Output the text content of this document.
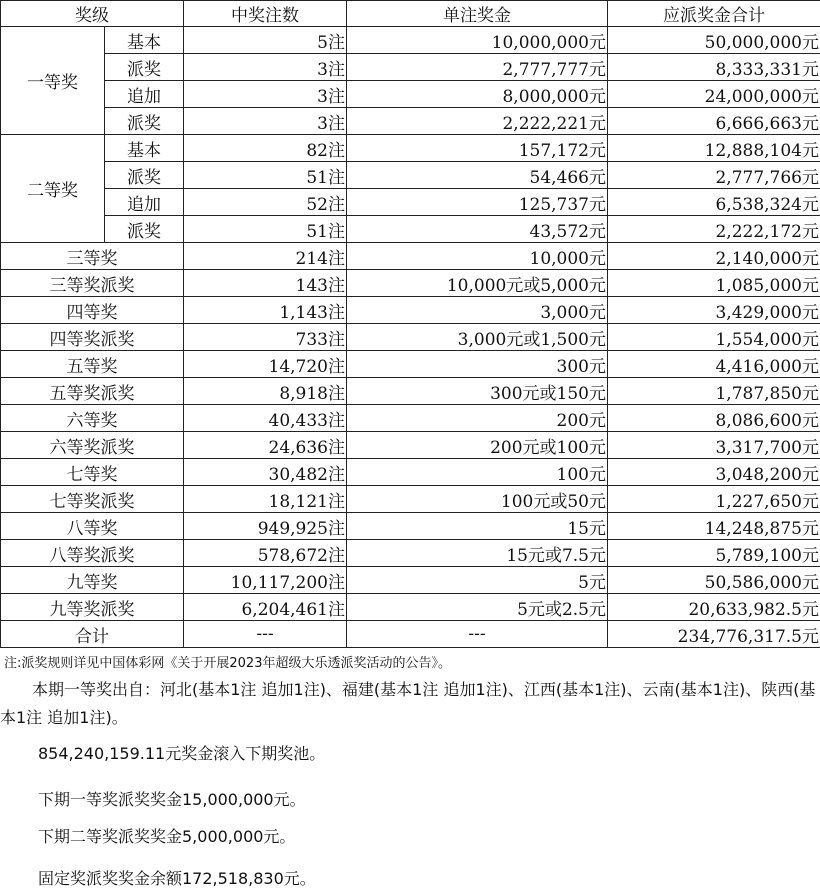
奖级		中奖注数	单注奖金	应派奖金合计
一等奖	基本	5注	10,000,000元	50,000,000元
	派奖	3注	2,777,777元	8,333,331元
	追加	3注	8,000,000元	24,000,000元
	派奖	3注	2,222,221元	6,666,663元
二等奖	基本	82注	157,172元	12,888,104元
	派奖	51注	54,466元	2,777,766元
	追加	52注	125,737元	6,538,324元
	派奖	51注	43,572元	2,222,172元
三等奖		214注	10,000元	2,140,000元
三等奖派奖		143注	10,000元或5,000元	1,085,000元
四等奖		1,143注	3,000元	3,429,000元
四等奖派奖		733注	3,000元或1,500元	1,554,000元
五等奖		14,720注	300元	4,416,000元
五等奖派奖		8,918注	300元或150元	1,787,850元
六等奖		40,433注	200元	8,086,600元
六等奖派奖		24,636注	200元或100元	3,317,700元
七等奖		30,482注	100元	3,048,200元
七等奖派奖		18,121注	100元或50元	1,227,650元
八等奖		949,925注	15元	14,248,875元
八等奖派奖		578,672注	15元或7.5元	5,789,100元
九等奖		10,117,200注	5元	50,586,000元
九等奖派奖		6,204,461注	5元或2.5元	20,633,982.5元
合计		---	---	234,776,317.5元
注:派奖规则详见中国体彩网《关于开展2023年超级大乐透派奖活动的公告》。
本期一等奖出自：河北(基本1注 追加1注)、福建(基本1注 追加1注)、江西(基本1注)、云南(基本1注)、陕西(基本1注 追加1注)。
854,240,159.11元奖金滚入下期奖池。
下期一等奖派奖奖金15,000,000元。
下期二等奖派奖奖金5,000,000元。
固定奖派奖奖金余额172,518,830元。
